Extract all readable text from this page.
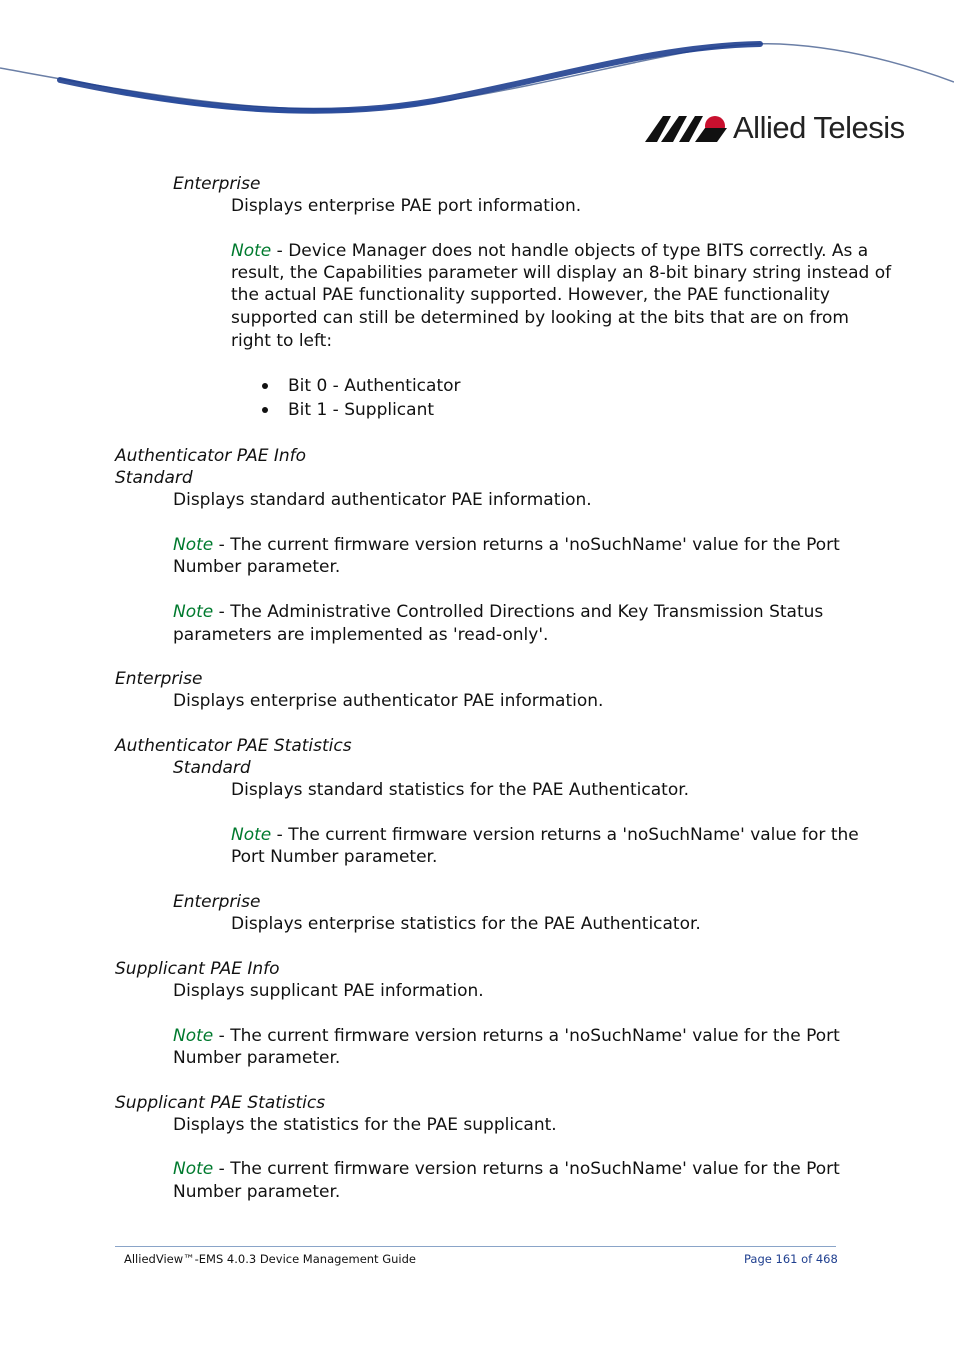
Allied Telesis
Enterprise
Displays enterprise PAE port information.
Note - Device Manager does not handle objects of type BITS correctly. As a
result, the Capabilities parameter will display an 8-bit binary string instead of
the actual PAE functionality supported. However, the PAE functionality
supported can still be determined by looking at the bits that are on from
right to left:
Bit 0 - Authenticator
Bit 1 - Supplicant
Authenticator PAE Info
Standard
Displays standard authenticator PAE information.
Note - The current firmware version returns a 'noSuchName' value for the Port
Number parameter.
Note - The Administrative Controlled Directions and Key Transmission Status
parameters are implemented as 'read-only'.
Enterprise
Displays enterprise authenticator PAE information.
Authenticator PAE Statistics
Standard
Displays standard statistics for the PAE Authenticator.
Note - The current firmware version returns a 'noSuchName' value for the
Port Number parameter.
Enterprise
Displays enterprise statistics for the PAE Authenticator.
Supplicant PAE Info
Displays supplicant PAE information.
Note - The current firmware version returns a 'noSuchName' value for the Port
Number parameter.
Supplicant PAE Statistics
Displays the statistics for the PAE supplicant.
Note - The current firmware version returns a 'noSuchName' value for the Port
Number parameter.
AlliedView™-EMS 4.0.3 Device Management Guide	Page 161 of 468
